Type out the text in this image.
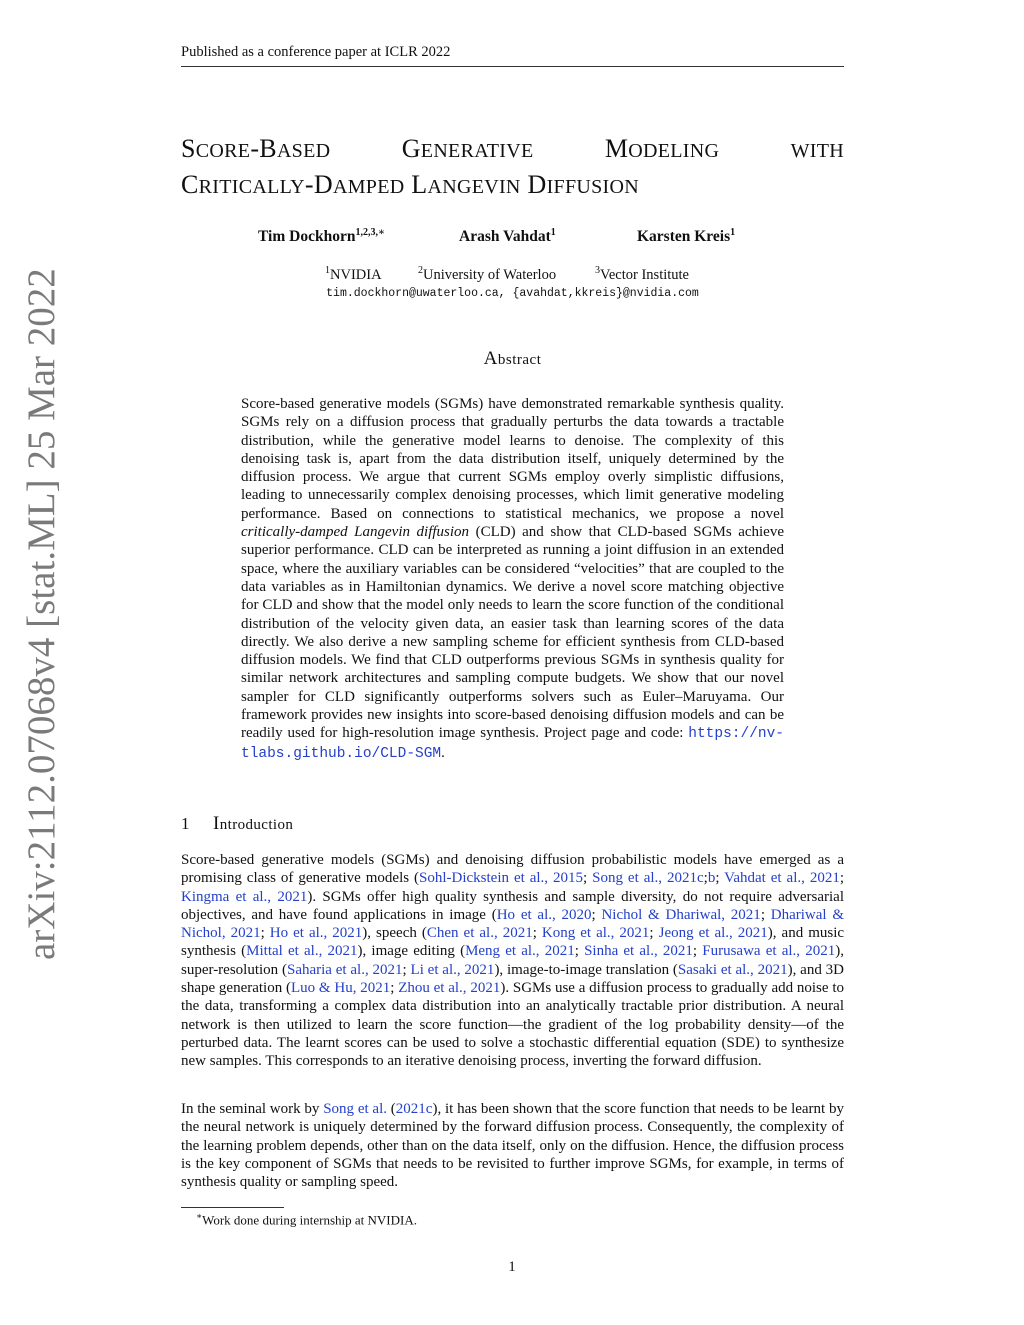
Published as a conference paper at ICLR 2022
arXiv:2112.07068v4 [stat.ML] 25 Mar 2022
SCORE-BASED	GENERATIVE	MODELING	WITH
CRITICALLY-DAMPED LANGEVIN DIFFUSION
Tim Dockhorn$^{1,2,3,∗}$	Arash Vahdat$^1$	Karsten Kreis$^1$
$^1$NVIDIA	$^2$University of Waterloo	$^3$Vector Institute
tim.dockhorn@uwaterloo.ca, {avahdat,kkreis}@nvidia.com
Abstract
Score-based generative models (SGMs) have demonstrated remarkable synthesis quality. SGMs rely on a diffusion process that gradually perturbs the data towards a tractable distribution, while the generative model learns to denoise. The complexity of this denoising task is, apart from the data distribution itself, uniquely determined by the diffusion process. We argue that current SGMs employ overly simplistic diffusions, leading to unnecessarily complex denoising processes, which limit generative modeling performance. Based on connections to statistical mechanics, we propose a novel critically-damped Langevin diffusion (CLD) and show that CLD-based SGMs achieve superior performance. CLD can be interpreted as running a joint diffusion in an extended space, where the auxiliary variables can be considered “velocities” that are coupled to the data variables as in Hamiltonian dynamics. We derive a novel score matching objective for CLD and show that the model only needs to learn the score function of the conditional distribution of the velocity given data, an easier task than learning scores of the data directly. We also derive a new sampling scheme for efficient synthesis from CLD-based diffusion models. We find that CLD outperforms previous SGMs in synthesis quality for similar network architectures and sampling compute budgets. We show that our novel sampler for CLD significantly outperforms solvers such as Euler–Maruyama. Our framework provides new insights into score-based denoising diffusion models and can be readily used for high-resolution image synthesis. Project page and code: https://nv-tlabs.github.io/CLD-SGM.
1 Introduction
Score-based generative models (SGMs) and denoising diffusion probabilistic models have emerged as a promising class of generative models (Sohl-Dickstein et al., 2015; Song et al., 2021c;b; Vahdat et al., 2021; Kingma et al., 2021). SGMs offer high quality synthesis and sample diversity, do not require adversarial objectives, and have found applications in image (Ho et al., 2020; Nichol & Dhariwal, 2021; Dhariwal & Nichol, 2021; Ho et al., 2021), speech (Chen et al., 2021; Kong et al., 2021; Jeong et al., 2021), and music synthesis (Mittal et al., 2021), image editing (Meng et al., 2021; Sinha et al., 2021; Furusawa et al., 2021), super-resolution (Saharia et al., 2021; Li et al., 2021), image-to-image translation (Sasaki et al., 2021), and 3D shape generation (Luo & Hu, 2021; Zhou et al., 2021). SGMs use a diffusion process to gradually add noise to the data, transforming a complex data distribution into an analytically tractable prior distribution. A neural network is then utilized to learn the score function—the gradient of the log probability density—of the perturbed data. The learnt scores can be used to solve a stochastic differential equation (SDE) to synthesize new samples. This corresponds to an iterative denoising process, inverting the forward diffusion.
In the seminal work by Song et al. (2021c), it has been shown that the score function that needs to be learnt by the neural network is uniquely determined by the forward diffusion process. Consequently, the complexity of the learning problem depends, other than on the data itself, only on the diffusion. Hence, the diffusion process is the key component of SGMs that needs to be revisited to further improve SGMs, for example, in terms of synthesis quality or sampling speed.
∗Work done during internship at NVIDIA.
1
